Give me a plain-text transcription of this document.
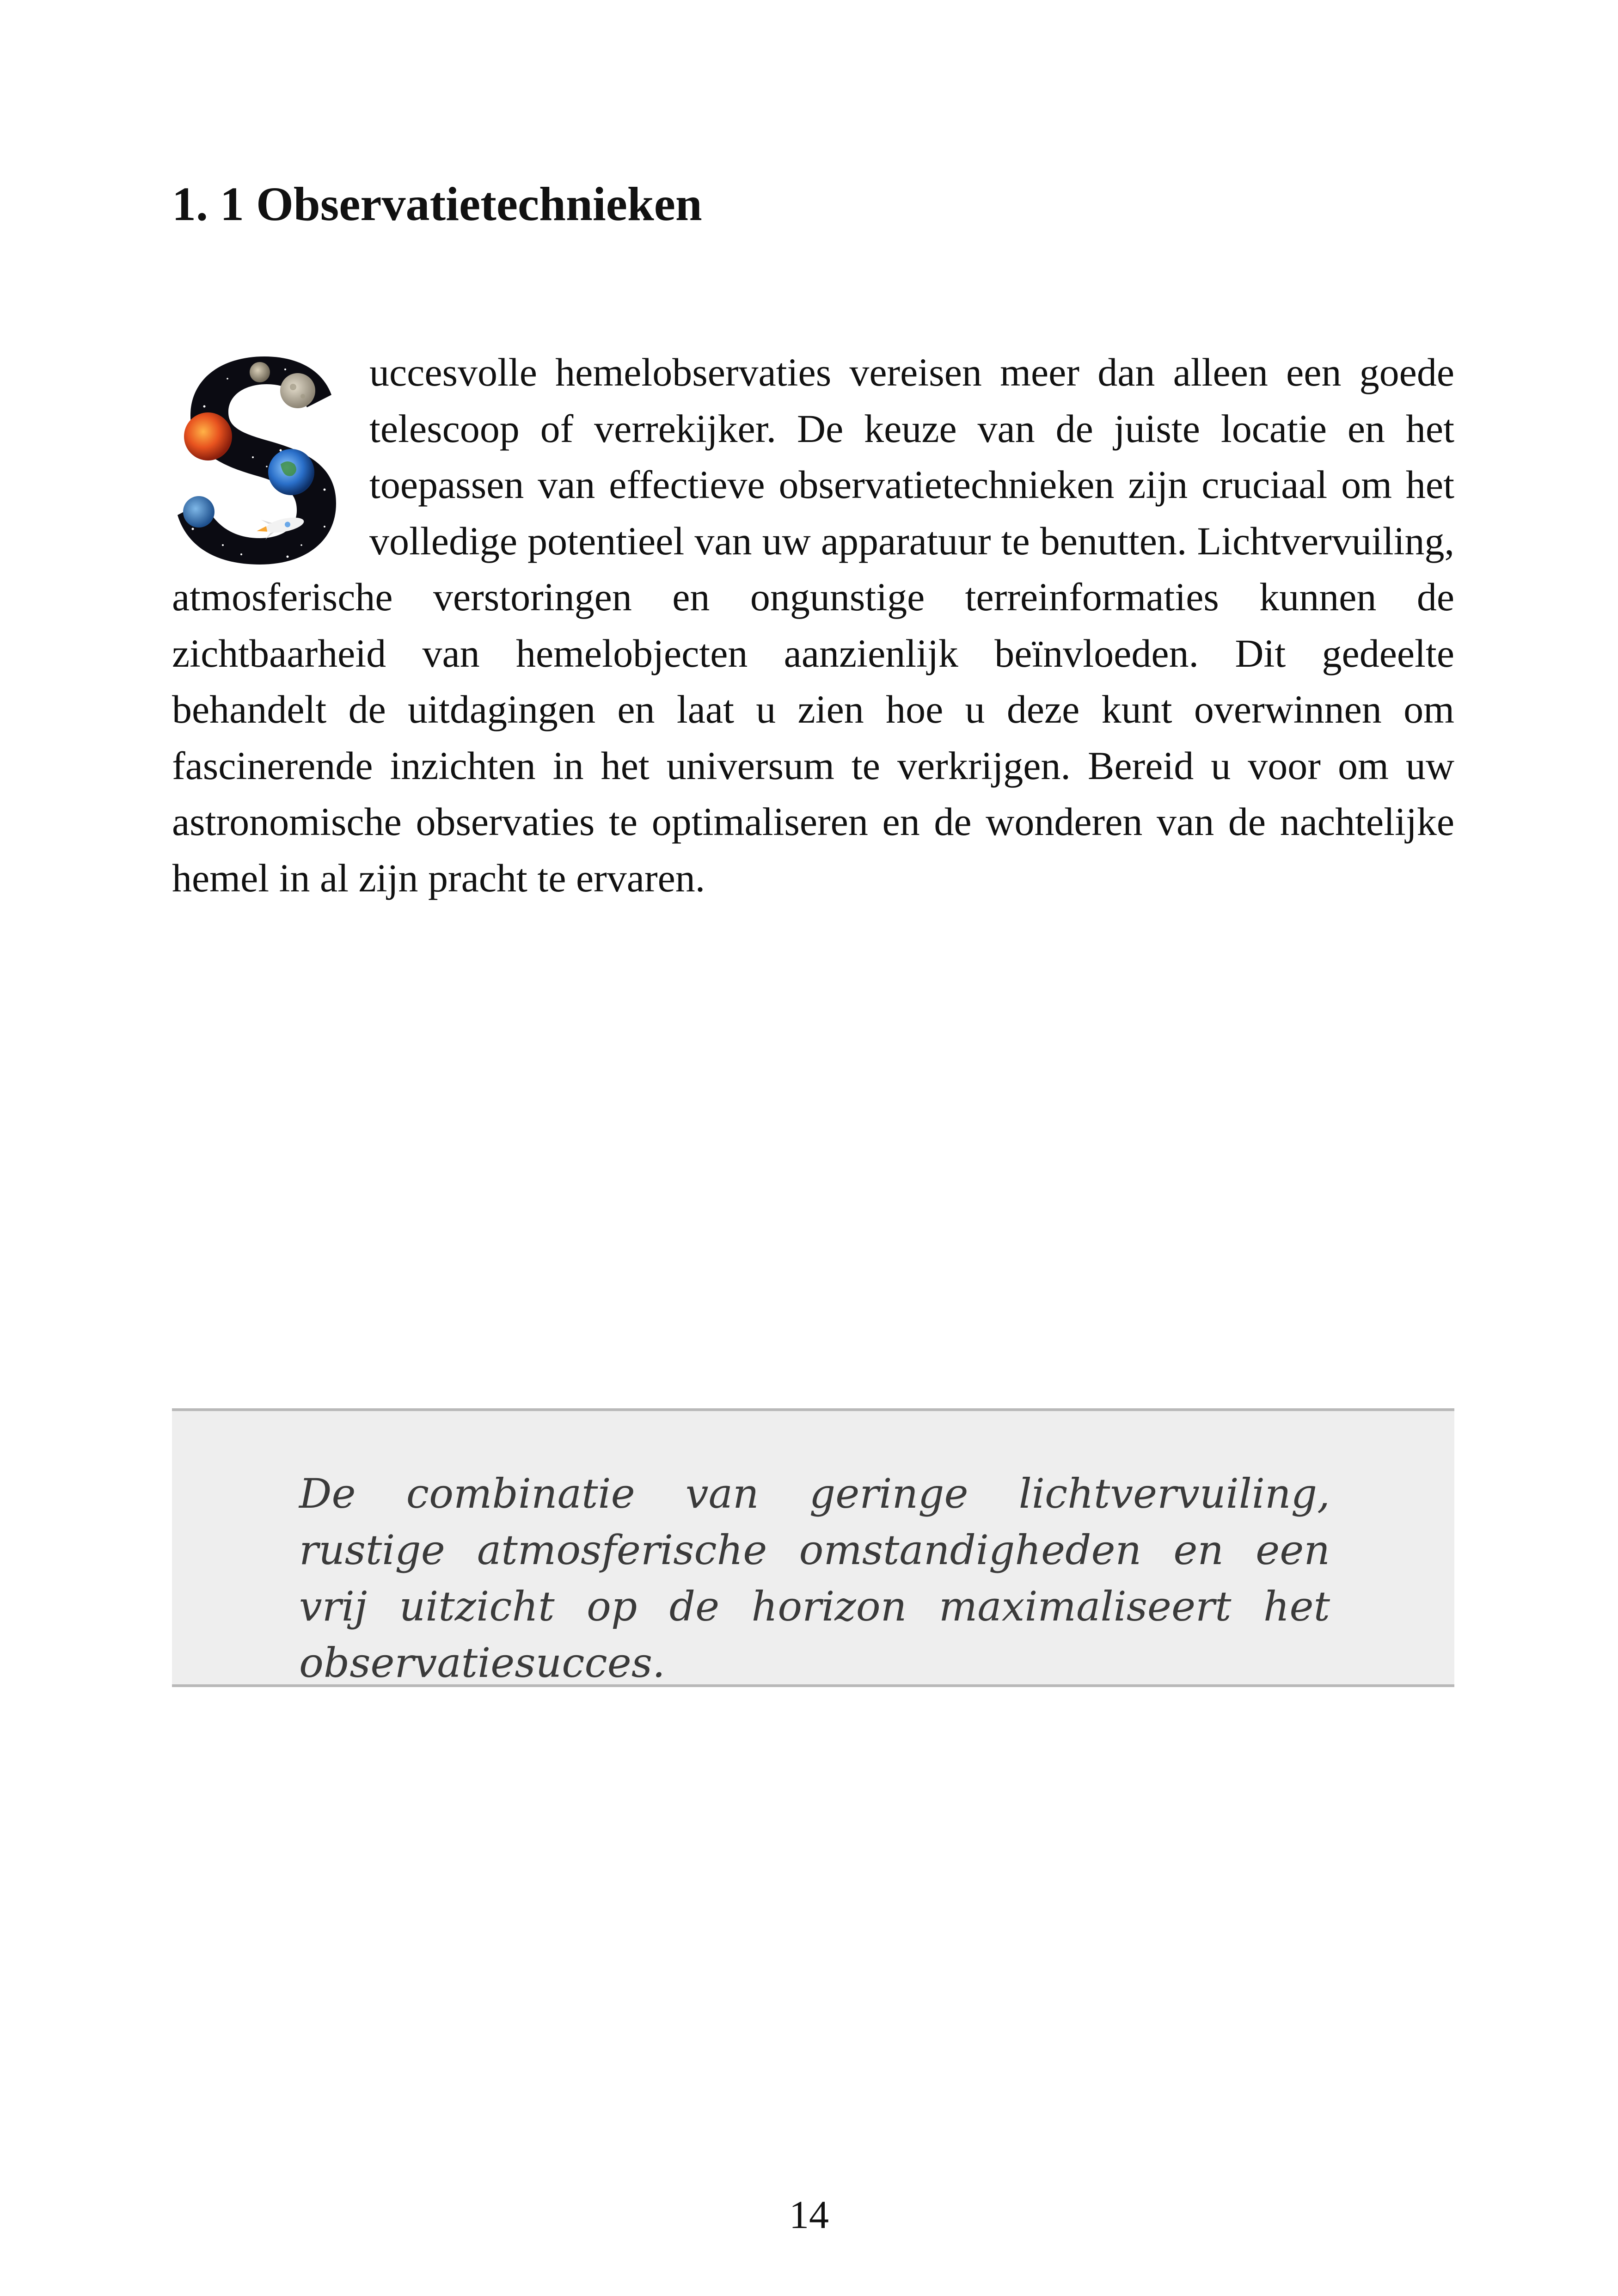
1. 1 Observatietechnieken
uccesvolle hemelobservaties vereisen meer dan alleen een goede telescoop of verrekijker. De keuze van de juiste locatie en het toepassen van effectieve observatietechnieken zijn cruciaal om het volledige potentieel van uw apparatuur te benutten. Lichtvervuiling, atmosferische verstoringen en ongunstige terreinformaties kunnen de zichtbaarheid van hemelobjecten aanzienlijk beïnvloeden. Dit gedeelte behandelt de uitdagingen en laat u zien hoe u deze kunt overwinnen om fascinerende inzichten in het universum te verkrijgen. Bereid u voor om uw astronomische observaties te optimaliseren en de wonderen van de nachtelijke hemel in al zijn pracht te ervaren.

De combinatie van geringe lichtvervuiling, rustige atmosferische omstandigheden en een vrij uitzicht op de horizon maximaliseert het observatiesucces.

14
